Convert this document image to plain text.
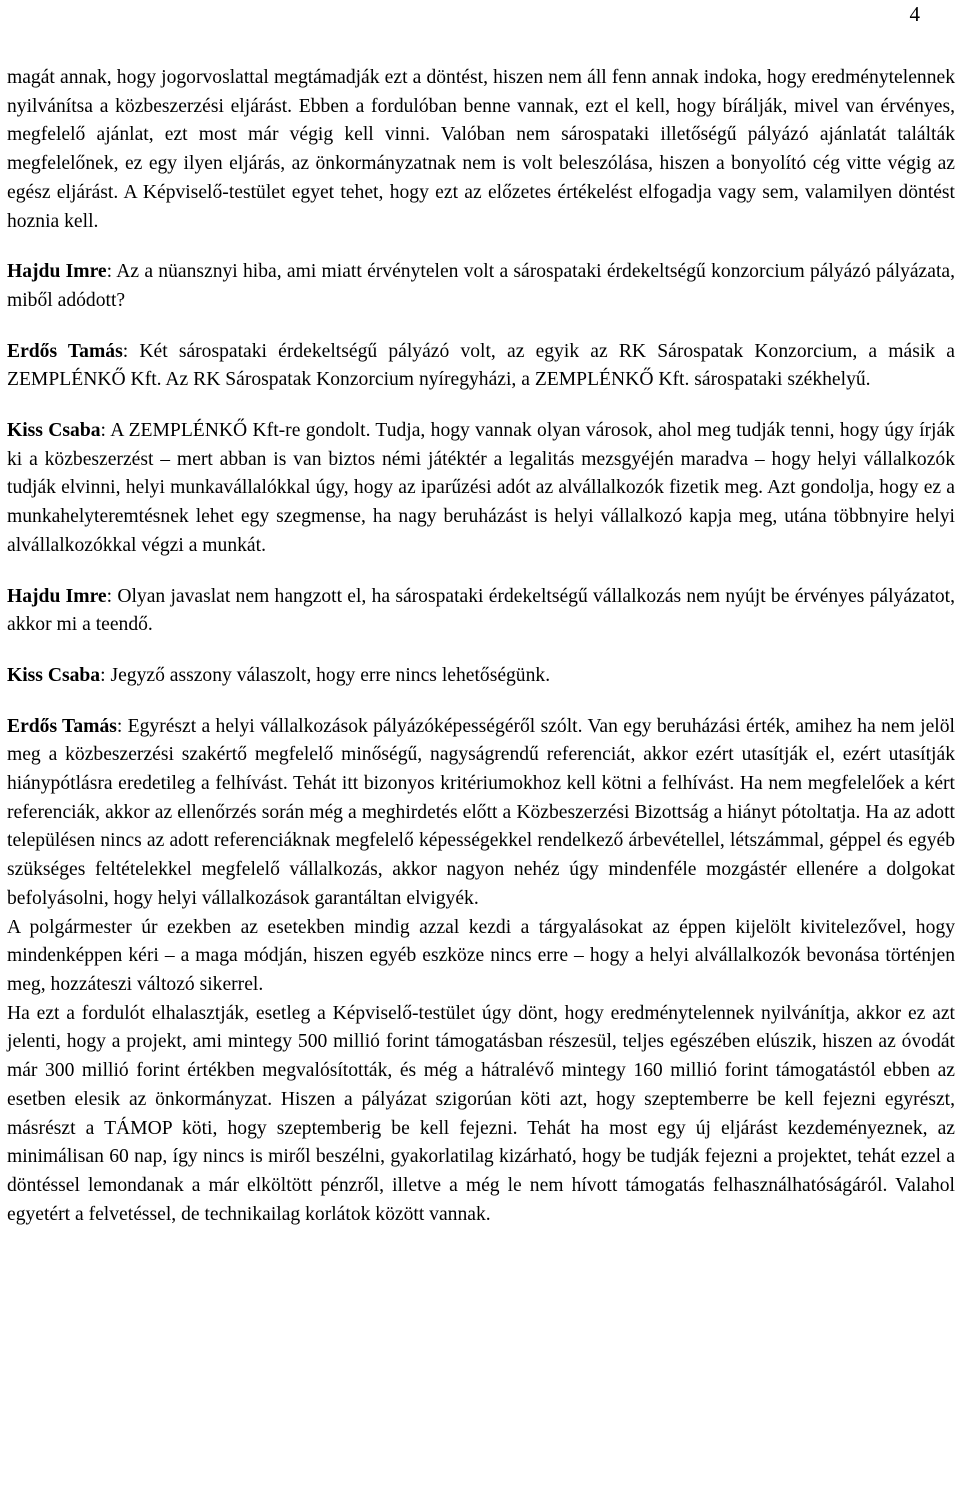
4

magát annak, hogy jogorvoslattal megtámadják ezt a döntést, hiszen nem áll fenn annak indoka, hogy eredménytelennek nyilvánítsa a közbeszerzési eljárást. Ebben a fordulóban benne vannak, ezt el kell, hogy bírálják, mivel van érvényes, megfelelő ajánlat, ezt most már végig kell vinni. Valóban nem sárospataki illetőségű pályázó ajánlatát találták megfelelőnek, ez egy ilyen eljárás, az önkormányzatnak nem is volt beleszólása, hiszen a bonyolító cég vitte végig az egész eljárást. A Képviselő-testület egyet tehet, hogy ezt az előzetes értékelést elfogadja vagy sem, valamilyen döntést hoznia kell.

Hajdu Imre: Az a nüansznyi hiba, ami miatt érvénytelen volt a sárospataki érdekeltségű konzorcium pályázó pályázata, miből adódott?

Erdős Tamás: Két sárospataki érdekeltségű pályázó volt, az egyik az RK Sárospatak Konzorcium, a másik a ZEMPLÉNKŐ Kft. Az RK Sárospatak Konzorcium nyíregyházi, a ZEMPLÉNKŐ Kft. sárospataki székhelyű.

Kiss Csaba: A ZEMPLÉNKŐ Kft-re gondolt. Tudja, hogy vannak olyan városok, ahol meg tudják tenni, hogy úgy írják ki a közbeszerzést – mert abban is van biztos némi játéktér a legalitás mezsgyéjén maradva – hogy helyi vállalkozók tudják elvinni, helyi munkavállalókkal úgy, hogy az iparűzési adót az alvállalkozók fizetik meg. Azt gondolja, hogy ez a munkahelyteremtésnek lehet egy szegmense, ha nagy beruházást is helyi vállalkozó kapja meg, utána többnyire helyi alvállalkozókkal végzi a munkát.

Hajdu Imre: Olyan javaslat nem hangzott el, ha sárospataki érdekeltségű vállalkozás nem nyújt be érvényes pályázatot, akkor mi a teendő.

Kiss Csaba: Jegyző asszony válaszolt, hogy erre nincs lehetőségünk.

Erdős Tamás: Egyrészt a helyi vállalkozások pályázóképességéről szólt. Van egy beruházási érték, amihez ha nem jelöl meg a közbeszerzési szakértő megfelelő minőségű, nagyságrendű referenciát, akkor ezért utasítják el, ezért utasítják hiánypótlásra eredetileg a felhívást. Tehát itt bizonyos kritériumokhoz kell kötni a felhívást. Ha nem megfelelőek a kért referenciák, akkor az ellenőrzés során még a meghirdetés előtt a Közbeszerzési Bizottság a hiányt pótoltatja. Ha az adott településen nincs az adott referenciáknak megfelelő képességekkel rendelkező árbevétellel, létszámmal, géppel és egyéb szükséges feltételekkel megfelelő vállalkozás, akkor nagyon nehéz úgy mindenféle mozgástér ellenére a dolgokat befolyásolni, hogy helyi vállalkozások garantáltan elvigyék.

A polgármester úr ezekben az esetekben mindig azzal kezdi a tárgyalásokat az éppen kijelölt kivitelezővel, hogy mindenképpen kéri – a maga módján, hiszen egyéb eszköze nincs erre – hogy a helyi alvállalkozók bevonása történjen meg, hozzáteszi változó sikerrel.

Ha ezt a fordulót elhalasztják, esetleg a Képviselő-testület úgy dönt, hogy eredménytelennek nyilvánítja, akkor ez azt jelenti, hogy a projekt, ami mintegy 500 millió forint támogatásban részesül, teljes egészében elúszik, hiszen az óvodát már 300 millió forint értékben megvalósították, és még a hátralévő mintegy 160 millió forint támogatástól ebben az esetben elesik az önkormányzat. Hiszen a pályázat szigorúan köti azt, hogy szeptemberre be kell fejezni egyrészt, másrészt a TÁMOP köti, hogy szeptemberig be kell fejezni. Tehát ha most egy új eljárást kezdeményeznek, az minimálisan 60 nap, így nincs is miről beszélni, gyakorlatilag kizárható, hogy be tudják fejezni a projektet, tehát ezzel a döntéssel lemondanak a már elköltött pénzről, illetve a még le nem hívott támogatás felhasználhatóságáról. Valahol egyetért a felvetéssel, de technikailag korlátok között vannak.
